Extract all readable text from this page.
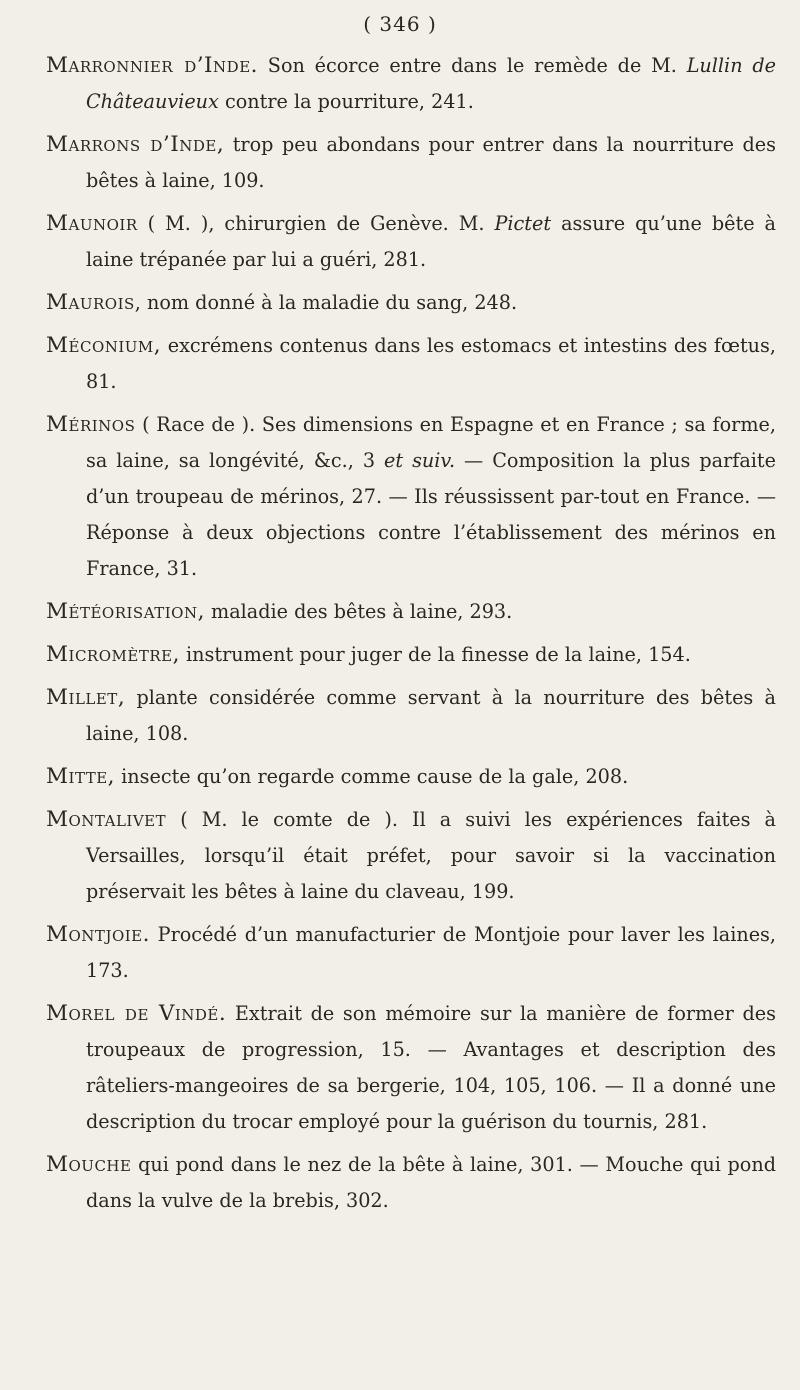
( 346 )

Marronnier d’Inde. Son écorce entre dans le remède de M. Lullin de Châteauvieux contre la pourriture, 241.

Marrons d’Inde, trop peu abondans pour entrer dans la nourriture des bêtes à laine, 109.

Maunoir ( M. ), chirurgien de Genève. M. Pictet assure qu’une bête à laine trépanée par lui a guéri, 281.

Maurois, nom donné à la maladie du sang, 248.

Méconium, excrémens contenus dans les estomacs et intestins des fœtus, 81.

Mérinos ( Race de ). Ses dimensions en Espagne et en France ; sa forme, sa laine, sa longévité, &c., 3 et suiv. — Composition la plus parfaite d’un troupeau de mérinos, 27. — Ils réussissent par-tout en France. — Réponse à deux objections contre l’établissement des mérinos en France, 31.

Météorisation, maladie des bêtes à laine, 293.

Micromètre, instrument pour juger de la finesse de la laine, 154.

Millet, plante considérée comme servant à la nourriture des bêtes à laine, 108.

Mitte, insecte qu’on regarde comme cause de la gale, 208.

Montalivet ( M. le comte de ). Il a suivi les expériences faites à Versailles, lorsqu’il était préfet, pour savoir si la vaccination préservait les bêtes à laine du claveau, 199.

Montjoie. Procédé d’un manufacturier de Montjoie pour laver les laines, 173.

Morel de Vindé. Extrait de son mémoire sur la manière de former des troupeaux de progression, 15. — Avantages et description des râteliers-mangeoires de sa bergerie, 104, 105, 106. — Il a donné une description du trocar employé pour la guérison du tournis, 281.

Mouche qui pond dans le nez de la bête à laine, 301. — Mouche qui pond dans la vulve de la brebis, 302.
